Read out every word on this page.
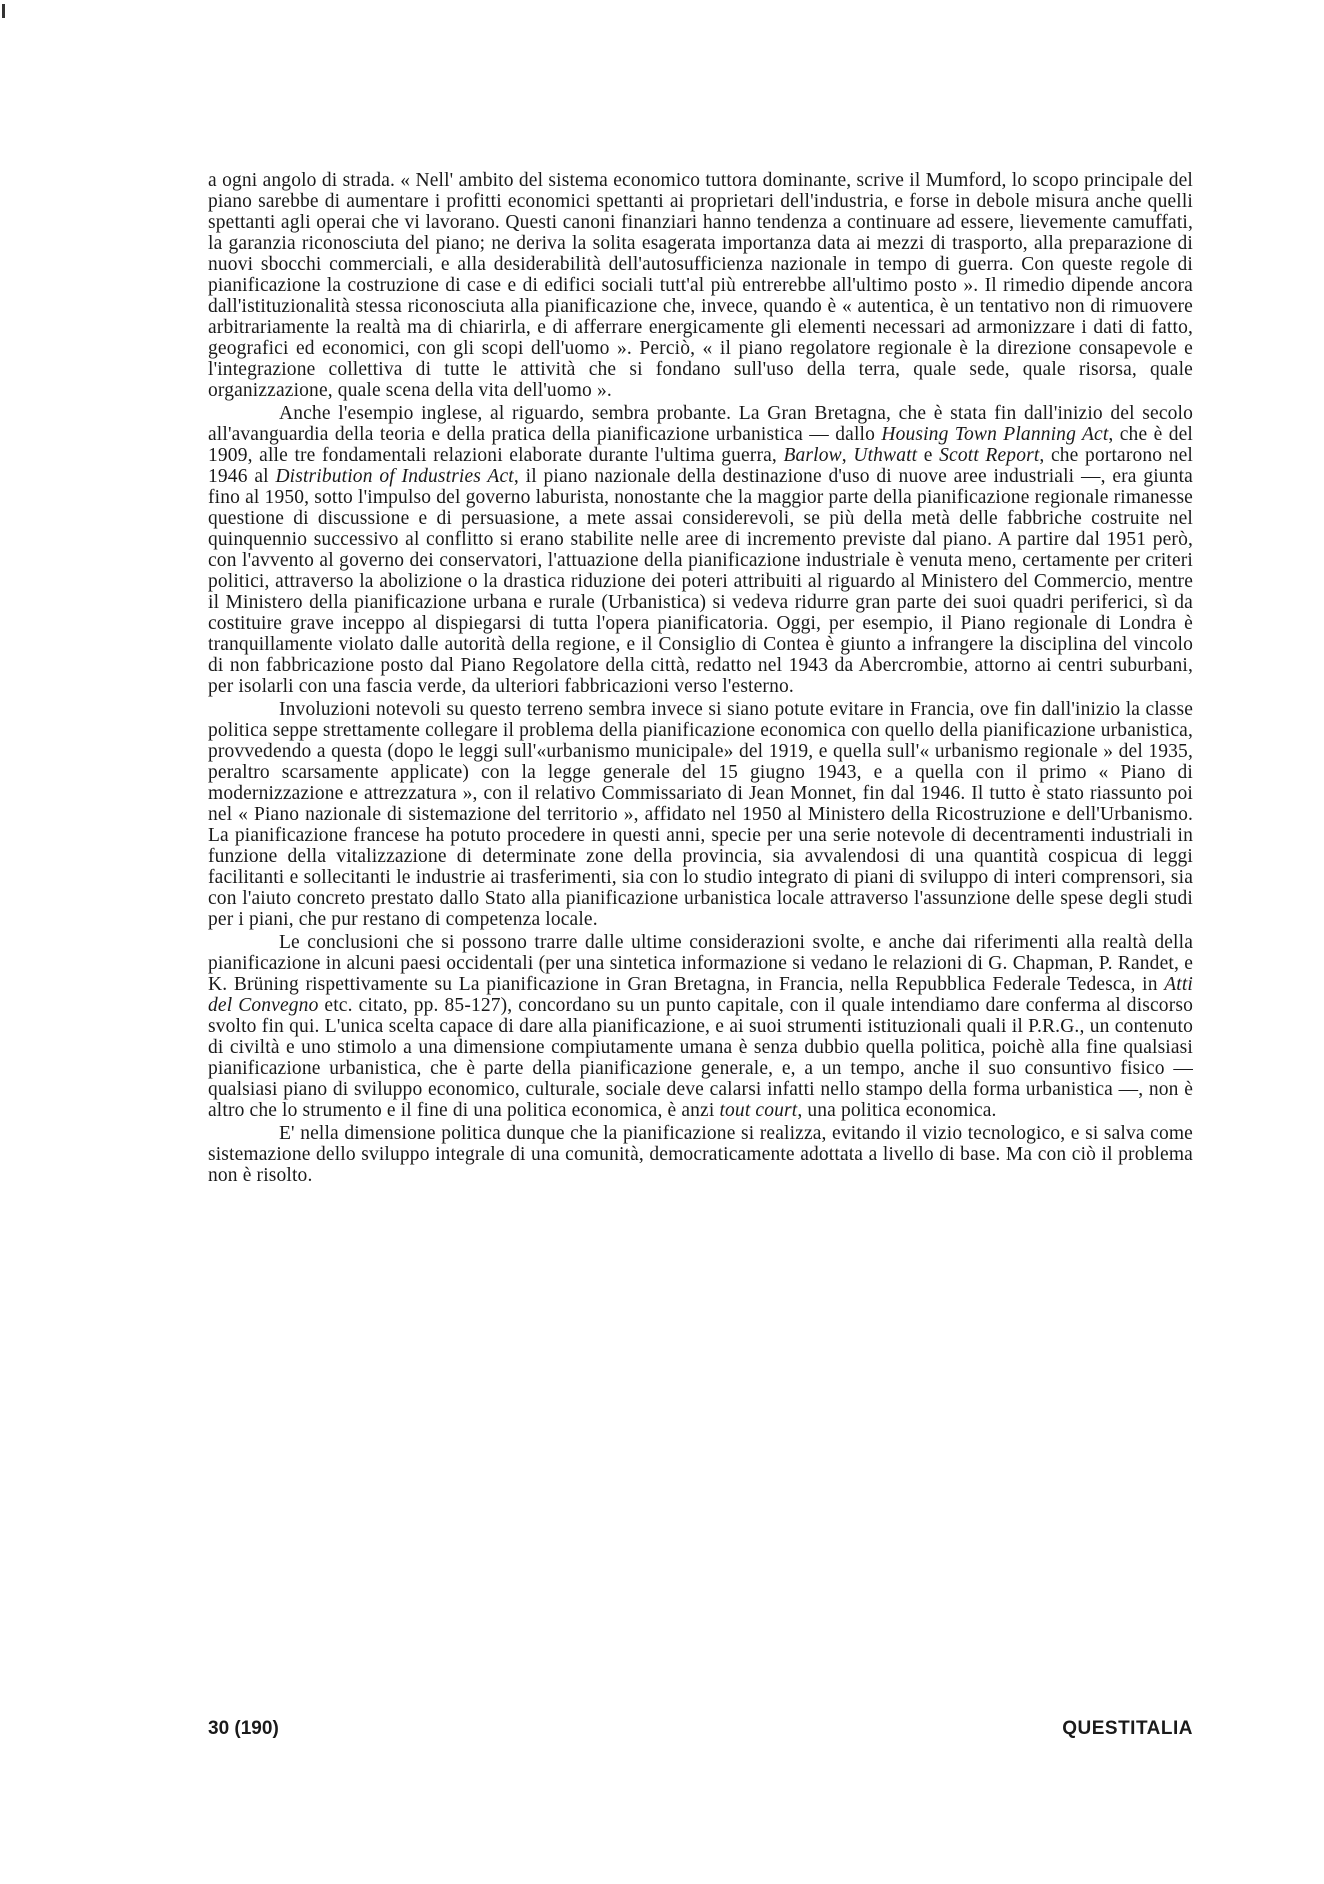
a ogni angolo di strada. « Nell' ambito del sistema economico tuttora dominante, scrive il Mumford, lo scopo principale del piano sarebbe di aumentare i profitti economici spettanti ai proprietari dell'industria, e forse in debole misura anche quelli spettanti agli operai che vi lavorano. Questi canoni finanziari hanno tendenza a continuare ad essere, lievemente camuffati, la garanzia riconosciuta del piano; ne deriva la solita esagerata importanza data ai mezzi di trasporto, alla preparazione di nuovi sbocchi commerciali, e alla desiderabilità dell'autosufficienza nazionale in tempo di guerra. Con queste regole di pianificazione la costruzione di case e di edifici sociali tutt'al più entrerebbe all'ultimo posto ». Il rimedio dipende ancora dall'istituzionalità stessa riconosciuta alla pianificazione che, invece, quando è « autentica, è un tentativo non di rimuovere arbitrariamente la realtà ma di chiarirla, e di afferrare energicamente gli elementi necessari ad armonizzare i dati di fatto, geografici ed economici, con gli scopi dell'uomo ». Perciò, « il piano regolatore regionale è la direzione consapevole e l'integrazione collettiva di tutte le attività che si fondano sull'uso della terra, quale sede, quale risorsa, quale organizzazione, quale scena della vita dell'uomo ».

Anche l'esempio inglese, al riguardo, sembra probante. La Gran Bretagna, che è stata fin dall'inizio del secolo all'avanguardia della teoria e della pratica della pianificazione urbanistica — dallo Housing Town Planning Act, che è del 1909, alle tre fondamentali relazioni elaborate durante l'ultima guerra, Barlow, Uthwatt e Scott Report, che portarono nel 1946 al Distribution of Industries Act, il piano nazionale della destinazione d'uso di nuove aree industriali —, era giunta fino al 1950, sotto l'impulso del governo laburista, nonostante che la maggior parte della pianificazione regionale rimanesse questione di discussione e di persuasione, a mete assai considerevoli, se più della metà delle fabbriche costruite nel quinquennio successivo al conflitto si erano stabilite nelle aree di incremento previste dal piano. A partire dal 1951 però, con l'avvento al governo dei conservatori, l'attuazione della pianificazione industriale è venuta meno, certamente per criteri politici, attraverso la abolizione o la drastica riduzione dei poteri attribuiti al riguardo al Ministero del Commercio, mentre il Ministero della pianificazione urbana e rurale (Urbanistica) si vedeva ridurre gran parte dei suoi quadri periferici, sì da costituire grave inceppo al dispiegarsi di tutta l'opera pianificatoria. Oggi, per esempio, il Piano regionale di Londra è tranquillamente violato dalle autorità della regione, e il Consiglio di Contea è giunto a infrangere la disciplina del vincolo di non fabbricazione posto dal Piano Regolatore della città, redatto nel 1943 da Abercrombie, attorno ai centri suburbani, per isolarli con una fascia verde, da ulteriori fabbricazioni verso l'esterno.

Involuzioni notevoli su questo terreno sembra invece si siano potute evitare in Francia, ove fin dall'inizio la classe politica seppe strettamente collegare il problema della pianificazione economica con quello della pianificazione urbanistica, provvedendo a questa (dopo le leggi sull'«urbanismo municipale» del 1919, e quella sull'« urbanismo regionale » del 1935, peraltro scarsamente applicate) con la legge generale del 15 giugno 1943, e a quella con il primo « Piano di modernizzazione e attrezzatura », con il relativo Commissariato di Jean Monnet, fin dal 1946. Il tutto è stato riassunto poi nel « Piano nazionale di sistemazione del territorio », affidato nel 1950 al Ministero della Ricostruzione e dell'Urbanismo. La pianificazione francese ha potuto procedere in questi anni, specie per una serie notevole di decentramenti industriali in funzione della vitalizzazione di determinate zone della provincia, sia avvalendosi di una quantità cospicua di leggi facilitanti e sollecitanti le industrie ai trasferimenti, sia con lo studio integrato di piani di sviluppo di interi comprensori, sia con l'aiuto concreto prestato dallo Stato alla pianificazione urbanistica locale attraverso l'assunzione delle spese degli studi per i piani, che pur restano di competenza locale.

Le conclusioni che si possono trarre dalle ultime considerazioni svolte, e anche dai riferimenti alla realtà della pianificazione in alcuni paesi occidentali (per una sintetica informazione si vedano le relazioni di G. Chapman, P. Randet, e K. Brüning rispettivamente su La pianificazione in Gran Bretagna, in Francia, nella Repubblica Federale Tedesca, in Atti del Convegno etc. citato, pp. 85-127), concordano su un punto capitale, con il quale intendiamo dare conferma al discorso svolto fin qui. L'unica scelta capace di dare alla pianificazione, e ai suoi strumenti istituzionali quali il P.R.G., un contenuto di civiltà e uno stimolo a una dimensione compiutamente umana è senza dubbio quella politica, poichè alla fine qualsiasi pianificazione urbanistica, che è parte della pianificazione generale, e, a un tempo, anche il suo consuntivo fisico — qualsiasi piano di sviluppo economico, culturale, sociale deve calarsi infatti nello stampo della forma urbanistica —, non è altro che lo strumento e il fine di una politica economica, è anzi tout court, una politica economica.

E' nella dimensione politica dunque che la pianificazione si realizza, evitando il vizio tecnologico, e si salva come sistemazione dello sviluppo integrale di una comunità, democraticamente adottata a livello di base. Ma con ciò il problema non è risolto.

30 (190)	QUESTITALIA
